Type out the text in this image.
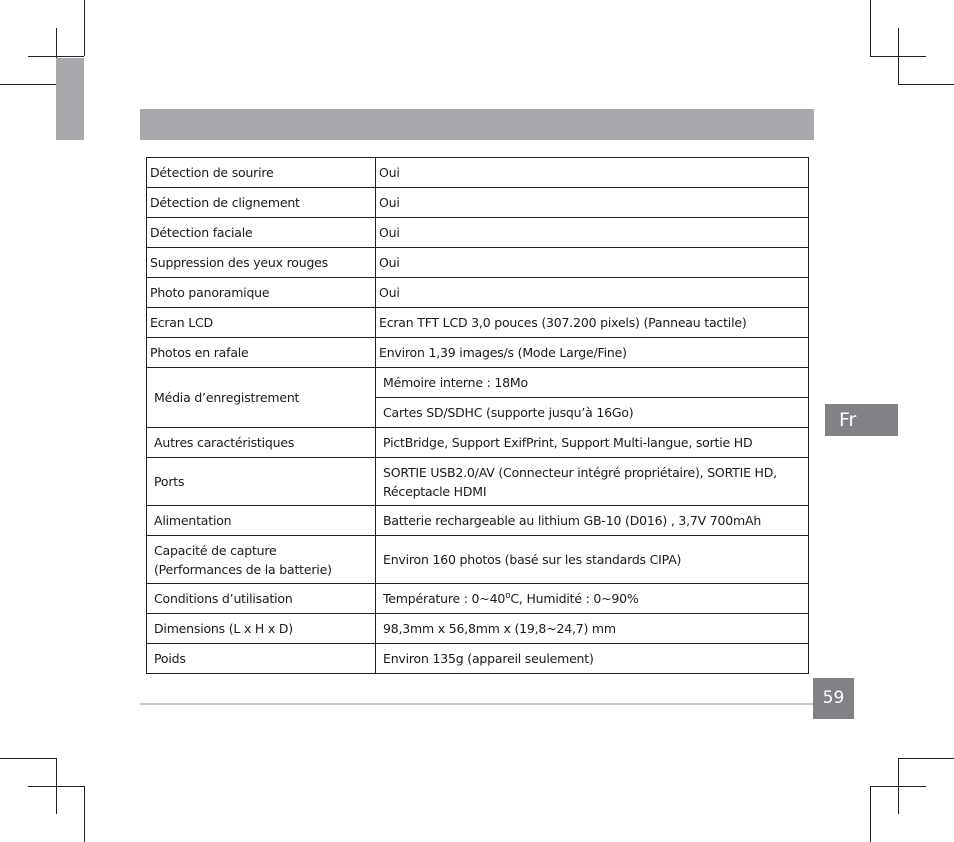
Détection de sourire	Oui
Détection de clignement	Oui
Détection faciale	Oui
Suppression des yeux rouges	Oui
Photo panoramique	Oui
Ecran LCD	Ecran TFT LCD 3,0 pouces (307.200 pixels) (Panneau tactile)
Photos en rafale	Environ 1,39 images/s (Mode Large/Fine)
Média d’enregistrement	Mémoire interne : 18Mo
	Cartes SD/SDHC (supporte jusqu’à 16Go)
Autres caractéristiques	PictBridge, Support ExifPrint, Support Multi-langue, sortie HD
Ports	SORTIE USB2.0/AV (Connecteur intégré propriétaire), SORTIE HD,
Réceptacle HDMI
Alimentation	Batterie rechargeable au lithium GB-10 (D016) , 3,7V 700mAh
Capacité de capture
(Performances de la batterie)	Environ 160 photos (basé sur les standards CIPA)
Conditions d’utilisation	Température : 0~40$^o$C, Humidité : 0~90%
Dimensions (L x H x D)	98,3mm x 56,8mm x (19,8~24,7) mm
Poids	Environ 135g (appareil seulement)
Fr
59
